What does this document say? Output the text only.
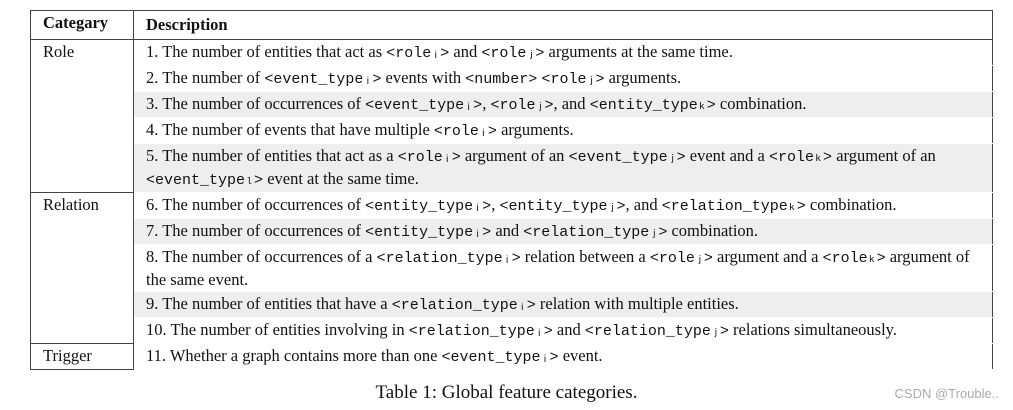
Categary	Description
Role	1. The number of entities that act as <roleᵢ> and <roleⱼ> arguments at the same time.
	2. The number of <event_typeᵢ> events with <number> <roleⱼ> arguments.
	3. The number of occurrences of <event_typeᵢ>, <roleⱼ>, and <entity_typeₖ> combination.
	4. The number of events that have multiple <roleᵢ> arguments.
	5. The number of entities that act as a <roleᵢ> argument of an <event_typeⱼ> event and a <roleₖ> argument of an <event_typeₗ> event at the same time.
Relation	6. The number of occurrences of <entity_typeᵢ>, <entity_typeⱼ>, and <relation_typeₖ> combination.
	7. The number of occurrences of <entity_typeᵢ> and <relation_typeⱼ> combination.
	8. The number of occurrences of a <relation_typeᵢ> relation between a <roleⱼ> argument and a <roleₖ> argument of the same event.
	9. The number of entities that have a <relation_typeᵢ> relation with multiple entities.
	10. The number of entities involving in <relation_typeᵢ> and <relation_typeⱼ> relations simultaneously.
Trigger	11. Whether a graph contains more than one <event_typeᵢ> event.
Table 1: Global feature categories.	CSDN @Trouble..
